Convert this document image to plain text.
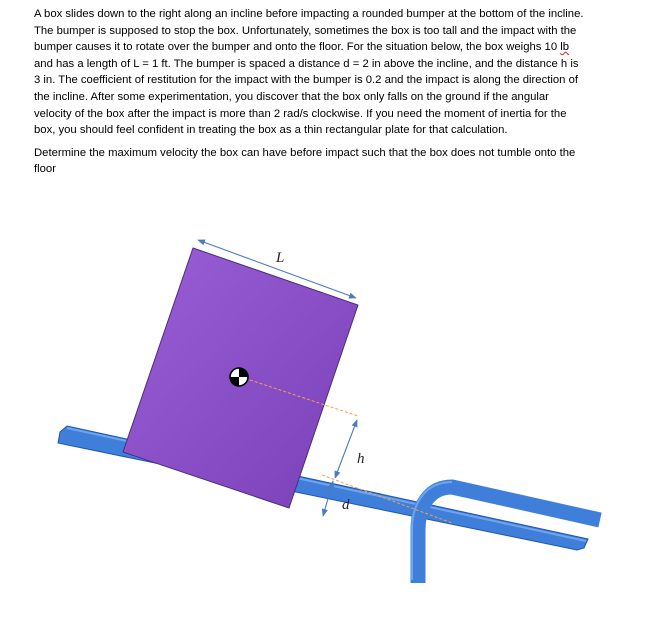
A box slides down to the right along an incline before impacting a rounded bumper at the bottom of the incline. The bumper is supposed to stop the box. Unfortunately, sometimes the box is too tall and the impact with the bumper causes it to rotate over the bumper and onto the floor. For the situation below, the box weighs 10 lb and has a length of L = 1 ft. The bumper is spaced a distance d = 2 in above the incline, and the distance h is 3 in. The coefficient of restitution for the impact with the bumper is 0.2 and the impact is along the direction of the incline. After some experimentation, you discover that the box only falls on the ground if the angular velocity of the box after the impact is more than 2 rad/s clockwise. If you need the moment of inertia for the box, you should feel confident in treating the box as a thin rectangular plate for that calculation.

Determine the maximum velocity the box can have before impact such that the box does not tumble onto the floor

L
h
d
